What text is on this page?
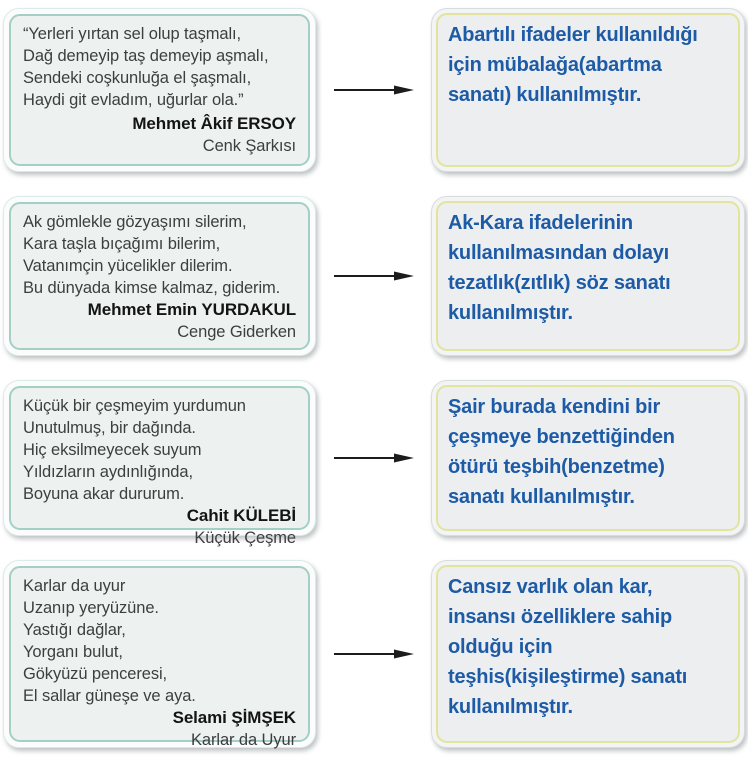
“Yerleri yırtan sel olup taşmalı,
Dağ demeyip taş demeyip aşmalı,
Sendeki coşkunluğa el şaşmalı,
Haydi git evladım, uğurlar ola.”
Mehmet Âkif ERSOY
Cenk Şarkısı
Abartılı ifadeler kullanıldığı
için mübalağa(abartma
sanatı) kullanılmıştır.
Ak gömlekle gözyaşımı silerim,
Kara taşla bıçağımı bilerim,
Vatanımçin yücelikler dilerim.
Bu dünyada kimse kalmaz, giderim.
Mehmet Emin YURDAKUL
Cenge Giderken
Ak-Kara ifadelerinin
kullanılmasından dolayı
tezatlık(zıtlık) söz sanatı
kullanılmıştır.
Küçük bir çeşmeyim yurdumun
Unutulmuş, bir dağında.
Hiç eksilmeyecek suyum
Yıldızların aydınlığında,
Boyuna akar dururum.
Cahit KÜLEBİ
Küçük Çeşme
Şair burada kendini bir
çeşmeye benzettiğinden
ötürü teşbih(benzetme)
sanatı kullanılmıştır.
Karlar da uyur
Uzanıp yeryüzüne.
Yastığı dağlar,
Yorganı bulut,
Gökyüzü penceresi,
El sallar güneşe ve aya.
Selami ŞİMŞEK
Karlar da Uyur
Cansız varlık olan kar,
insansı özelliklere sahip
olduğu için
teşhis(kişileştirme) sanatı
kullanılmıştır.
